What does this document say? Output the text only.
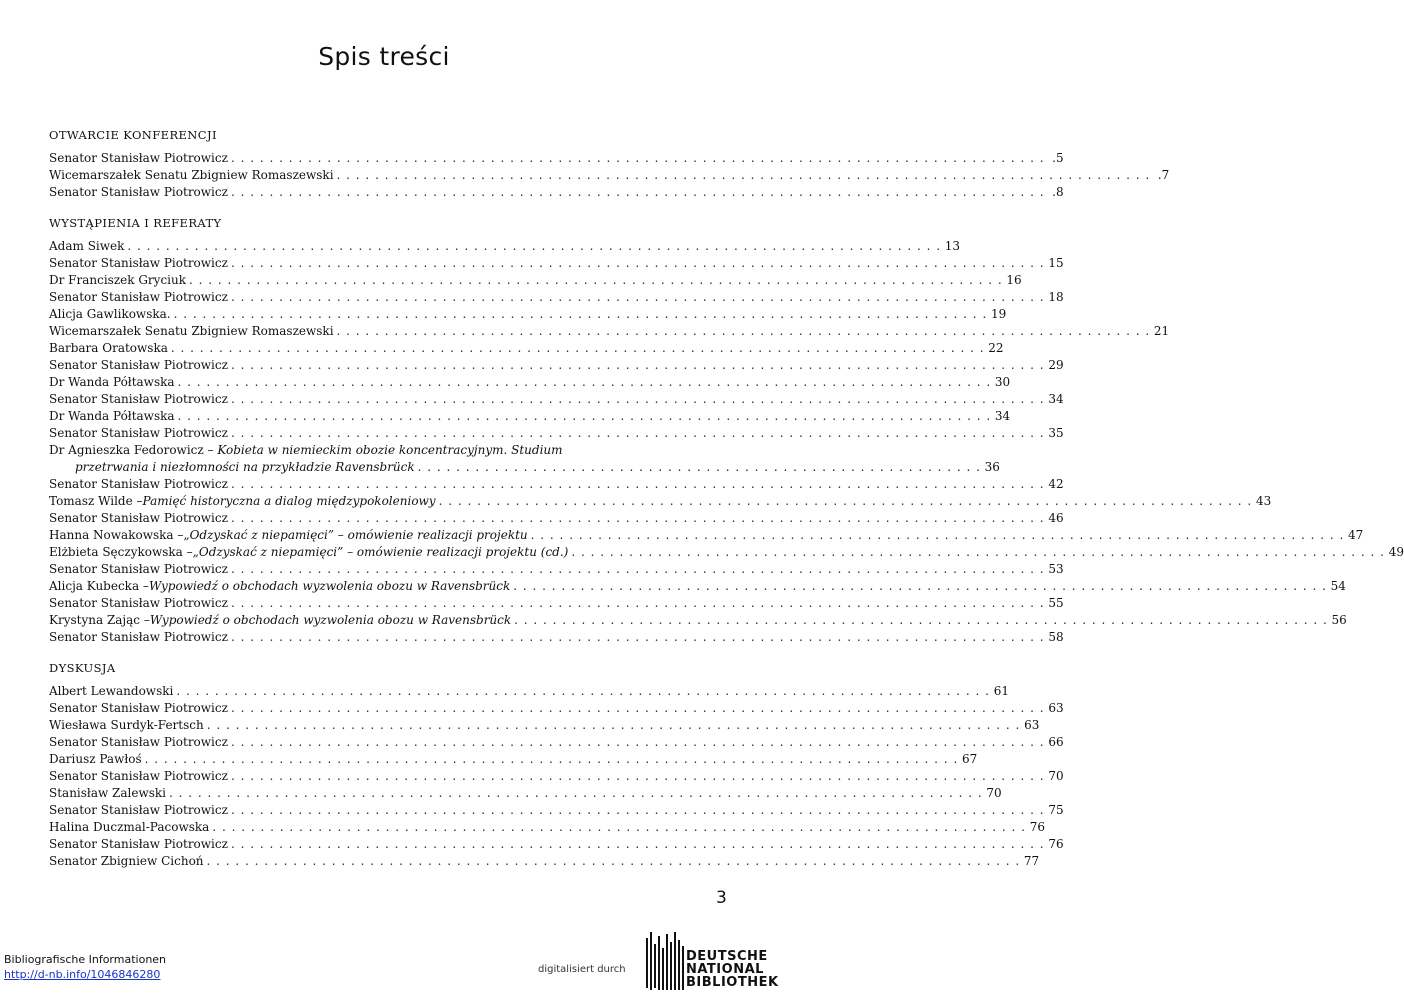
Spis treści
OTWARCIE KONFERENCJI
Senator Stanisław Piotrowicz . . .	.5
Wicemarszałek Senatu Zbigniew Romaszewski . . .	.7
Senator Stanisław Piotrowicz . . .	.8
WYSTĄPIENIA I REFERATY
Adam Siwek . . .	13
Senator Stanisław Piotrowicz . . .	15
Dr Franciszek Gryciuk . . .	16
Senator Stanisław Piotrowicz . . .	18
Alicja Gawlikowska. . . .	19
Wicemarszałek Senatu Zbigniew Romaszewski . . .	21
Barbara Oratowska . . .	22
Senator Stanisław Piotrowicz . . .	29
Dr Wanda Półtawska . . .	30
Senator Stanisław Piotrowicz . . .	34
Dr Wanda Półtawska . . .	34
Senator Stanisław Piotrowicz . . .	35
Dr Agnieszka Fedorowicz – Kobieta w niemieckim obozie koncentracyjnym. Studium
przetrwania i niezłomności na przykładzie Ravensbrück . . .	36
Senator Stanisław Piotrowicz . . .	42
Tomasz Wilde – Pamięć historyczna a dialog międzypokoleniowy . . .	43
Senator Stanisław Piotrowicz . . .	46
Hanna Nowakowska – „Odzyskać z niepamięci” – omówienie realizacji projektu . . .	47
Elżbieta Sęczykowska – „Odzyskać z niepamięci” – omówienie realizacji projektu (cd.) . . .	49
Senator Stanisław Piotrowicz . . .	53
Alicja Kubecka – Wypowiedź o obchodach wyzwolenia obozu w Ravensbrück . . .	54
Senator Stanisław Piotrowicz . . .	55
Krystyna Zając – Wypowiedź o obchodach wyzwolenia obozu w Ravensbrück . . .	56
Senator Stanisław Piotrowicz . . .	58
DYSKUSJA
Albert Lewandowski . . .	61
Senator Stanisław Piotrowicz . . .	63
Wiesława Surdyk-Fertsch . . .	63
Senator Stanisław Piotrowicz . . .	66
Dariusz Pawłoś . . .	67
Senator Stanisław Piotrowicz . . .	70
Stanisław Zalewski . . .	70
Senator Stanisław Piotrowicz . . .	75
Halina Duczmal-Pacowska . . .	76
Senator Stanisław Piotrowicz . . .	76
Senator Zbigniew Cichoń . . .	77
3
Bibliografische Informationen
http://d-nb.info/1046846280	digitalisiert durch
DEUTSCHE
NATIONAL
BIBLIOTHEK
